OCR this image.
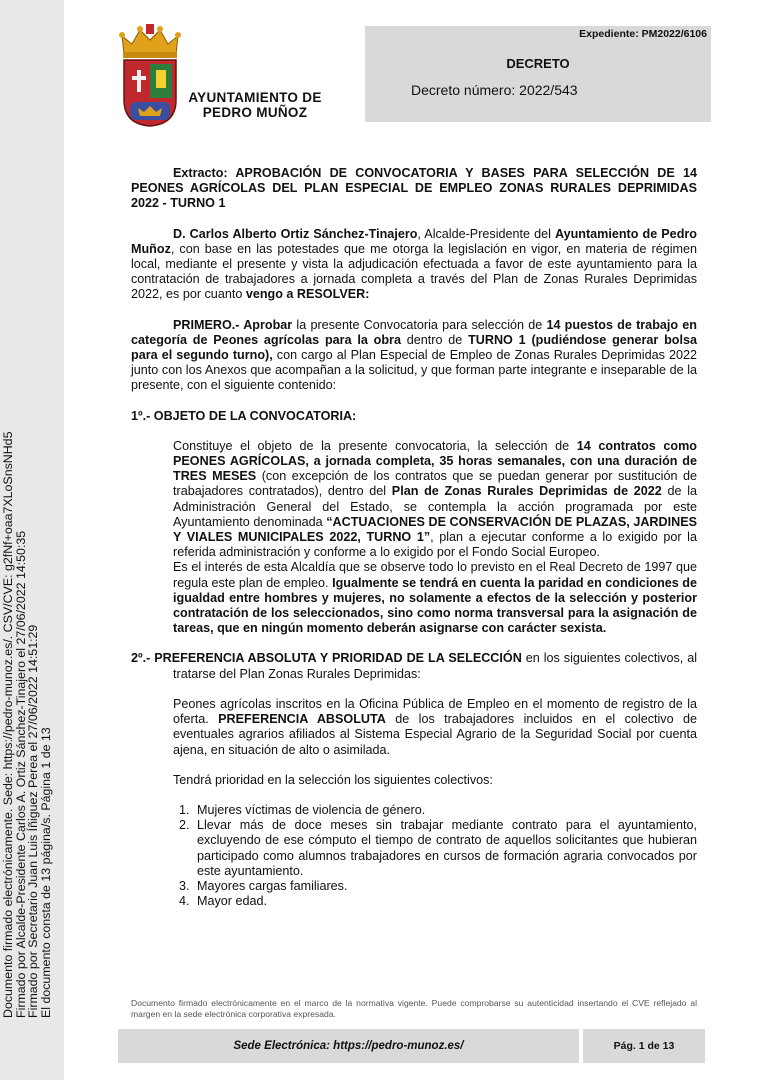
Documento firmado electrónicamente. Sede: https://pedro-munoz.es/. CSV/CVE: g2fNf+oaa7XLoSnsNHd5
Firmado por Alcalde-Presidente Carlos A. Ortiz Sánchez-Tinajero el 27/06/2022 14:50:35
Firmado por Secretario Juan Luis Íñiguez Perea el 27/06/2022 14:51:29
El documento consta de 13 página/s. Página 1 de 13
AYUNTAMIENTO DE
PEDRO MUÑOZ
Expediente: PM2022/6106
DECRETO
Decreto número: 2022/543

Extracto: APROBACIÓN DE CONVOCATORIA Y BASES PARA SELECCIÓN DE 14 PEONES AGRÍCOLAS DEL PLAN ESPECIAL DE EMPLEO ZONAS RURALES DEPRIMIDAS 2022 - TURNO 1

D. Carlos Alberto Ortiz Sánchez-Tinajero, Alcalde-Presidente del Ayuntamiento de Pedro Muñoz, con base en las potestades que me otorga la legislación en vigor, en materia de régimen local, mediante el presente y vista la adjudicación efectuada a favor de este ayuntamiento para la contratación de trabajadores a jornada completa a través del Plan de Zonas Rurales Deprimidas 2022, es por cuanto vengo a RESOLVER:

PRIMERO.- Aprobar la presente Convocatoria para selección de 14 puestos de trabajo en categoría de Peones agrícolas para la obra dentro de TURNO 1 (pudiéndose generar bolsa para el segundo turno), con cargo al Plan Especial de Empleo de Zonas Rurales Deprimidas 2022 junto con los Anexos que acompañan a la solicitud, y que forman parte integrante e inseparable de la presente, con el siguiente contenido:

1º.- OBJETO DE LA CONVOCATORIA:

Constituye el objeto de la presente convocatoria, la selección de 14 contratos como PEONES AGRÍCOLAS, a jornada completa, 35 horas semanales, con una duración de TRES MESES (con excepción de los contratos que se puedan generar por sustitución de trabajadores contratados), dentro del Plan de Zonas Rurales Deprimidas de 2022 de la Administración General del Estado, se contempla la acción programada por este Ayuntamiento denominada “ACTUACIONES DE CONSERVACIÓN DE PLAZAS, JARDINES Y VIALES MUNICIPALES 2022, TURNO 1”, plan a ejecutar conforme a lo exigido por la referida administración y conforme a lo exigido por el Fondo Social Europeo.

Es el interés de esta Alcaldía que se observe todo lo previsto en el Real Decreto de 1997 que regula este plan de empleo. Igualmente se tendrá en cuenta la paridad en condiciones de igualdad entre hombres y mujeres, no solamente a efectos de la selección y posterior contratación de los seleccionados, sino como norma transversal para la asignación de tareas, que en ningún momento deberán asignarse con carácter sexista.

2º.- PREFERENCIA ABSOLUTA Y PRIORIDAD DE LA SELECCIÓN en los siguientes colectivos, al tratarse del Plan Zonas Rurales Deprimidas:

Peones agrícolas inscritos en la Oficina Pública de Empleo en el momento de registro de la oferta. PREFERENCIA ABSOLUTA de los trabajadores incluidos en el colectivo de eventuales agrarios afiliados al Sistema Especial Agrario de la Seguridad Social por cuenta ajena, en situación de alto o asimilada.

Tendrá prioridad en la selección los siguientes colectivos:

1. Mujeres víctimas de violencia de género.
2. Llevar más de doce meses sin trabajar mediante contrato para el ayuntamiento, excluyendo de ese cómputo el tiempo de contrato de aquellos solicitantes que hubieran participado como alumnos trabajadores en cursos de formación agraria convocados por este ayuntamiento.
3. Mayores cargas familiares.
4. Mayor edad.
Documento firmado electrónicamente en el marco de la normativa vigente. Puede comprobarse su autenticidad insertando el CVE reflejado al margen en la sede electrónica corporativa expresada.
Sede Electrónica: https://pedro-munoz.es/	Pág. 1 de 13
